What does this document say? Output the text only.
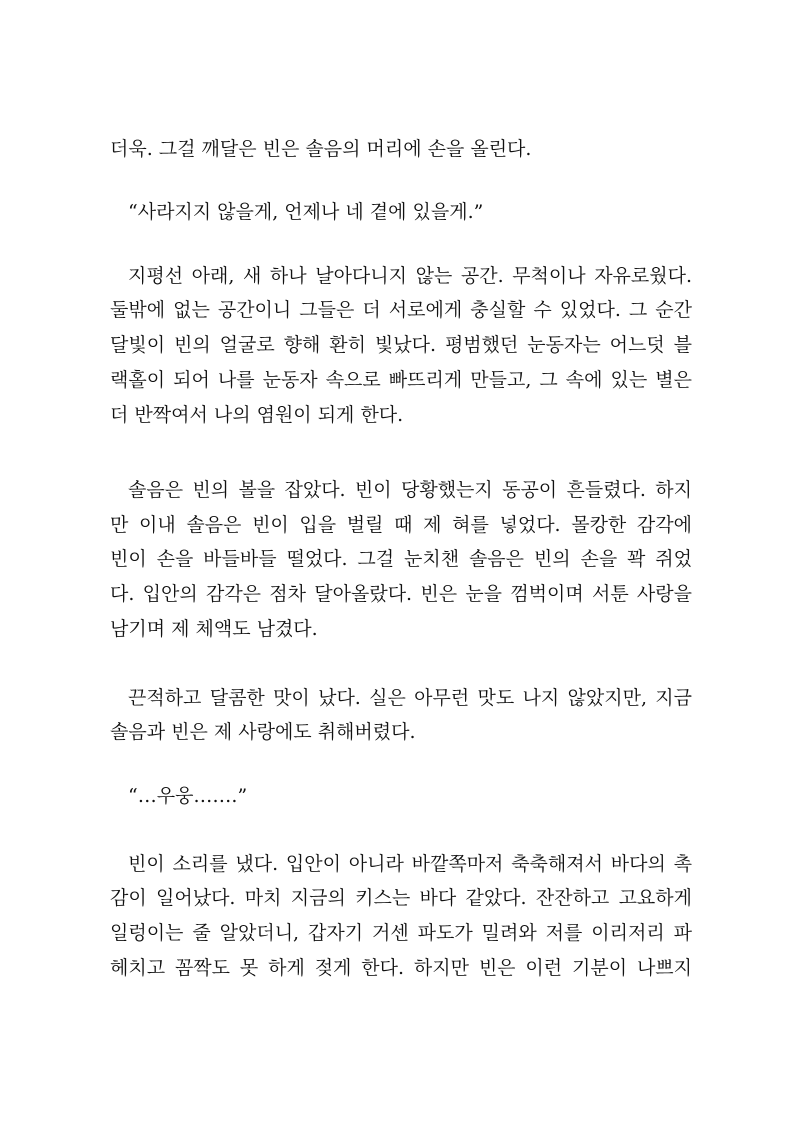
더욱. 그걸 깨달은 빈은 솔음의 머리에 손을 올린다.
“사라지지 않을게, 언제나 네 곁에 있을게.”
지평선 아래, 새 하나 날아다니지 않는 공간. 무척이나 자유로웠다.
둘밖에 없는 공간이니 그들은 더 서로에게 충실할 수 있었다. 그 순간
달빛이 빈의 얼굴로 향해 환히 빛났다. 평범했던 눈동자는 어느덧 블
랙홀이 되어 나를 눈동자 속으로 빠뜨리게 만들고, 그 속에 있는 별은
더 반짝여서 나의 염원이 되게 한다.
솔음은 빈의 볼을 잡았다. 빈이 당황했는지 동공이 흔들렸다. 하지
만 이내 솔음은 빈이 입을 벌릴 때 제 혀를 넣었다. 몰캉한 감각에
빈이 손을 바들바들 떨었다. 그걸 눈치챈 솔음은 빈의 손을 꽉 쥐었
다. 입안의 감각은 점차 달아올랐다. 빈은 눈을 껌벅이며 서툰 사랑을
남기며 제 체액도 남겼다.
끈적하고 달콤한 맛이 났다. 실은 아무런 맛도 나지 않았지만, 지금
솔음과 빈은 제 사랑에도 취해버렸다.
“…우웅…….”
빈이 소리를 냈다. 입안이 아니라 바깥쪽마저 축축해져서 바다의 촉
감이 일어났다. 마치 지금의 키스는 바다 같았다. 잔잔하고 고요하게
일렁이는 줄 알았더니, 갑자기 거센 파도가 밀려와 저를 이리저리 파
헤치고 꼼짝도 못 하게 젖게 한다. 하지만 빈은 이런 기분이 나쁘지
